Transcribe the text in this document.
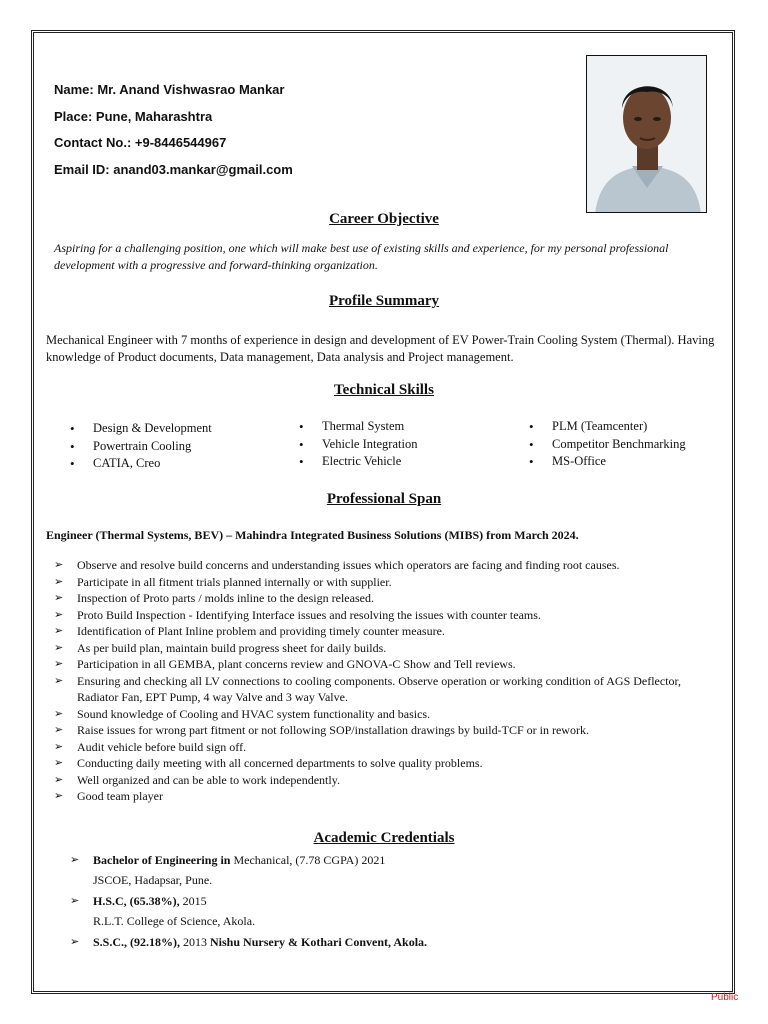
Name: Mr. Anand Vishwasrao Mankar
Place: Pune, Maharashtra
Contact No.: +9-8446544967
Email ID: anand03.mankar@gmail.com
Career Objective
Aspiring for a challenging position, one which will make best use of existing skills and experience, for my personal professional development with a progressive and forward-thinking organization.
Profile Summary
Mechanical Engineer with 7 months of experience in design and development of EV Power-Train Cooling System (Thermal). Having knowledge of Product documents, Data management, Data analysis and Project management.
Technical Skills
• Design & Development
• Powertrain Cooling
• CATIA, Creo
• Thermal System
• Vehicle Integration
• Electric Vehicle
• PLM (Teamcenter)
• Competitor Benchmarking
• MS-Office
Professional Span
Engineer (Thermal Systems, BEV) – Mahindra Integrated Business Solutions (MIBS) from March 2024.
➢ Observe and resolve build concerns and understanding issues which operators are facing and finding root causes.
➢ Participate in all fitment trials planned internally or with supplier.
➢ Inspection of Proto parts / molds inline to the design released.
➢ Proto Build Inspection - Identifying Interface issues and resolving the issues with counter teams.
➢ Identification of Plant Inline problem and providing timely counter measure.
➢ As per build plan, maintain build progress sheet for daily builds.
➢ Participation in all GEMBA, plant concerns review and GNOVA-C Show and Tell reviews.
➢ Ensuring and checking all LV connections to cooling components. Observe operation or working condition of AGS Deflector, Radiator Fan, EPT Pump, 4 way Valve and 3 way Valve.
➢ Sound knowledge of Cooling and HVAC system functionality and basics.
➢ Raise issues for wrong part fitment or not following SOP/installation drawings by build-TCF or in rework.
➢ Audit vehicle before build sign off.
➢ Conducting daily meeting with all concerned departments to solve quality problems.
➢ Well organized and can be able to work independently.
➢ Good team player
Academic Credentials
➢ Bachelor of Engineering in Mechanical, (7.78 CGPA) 2021
JSCOE, Hadapsar, Pune.
➢ H.S.C, (65.38%), 2015
R.L.T. College of Science, Akola.
➢ S.S.C., (92.18%), 2013 Nishu Nursery & Kothari Convent, Akola.
Public
